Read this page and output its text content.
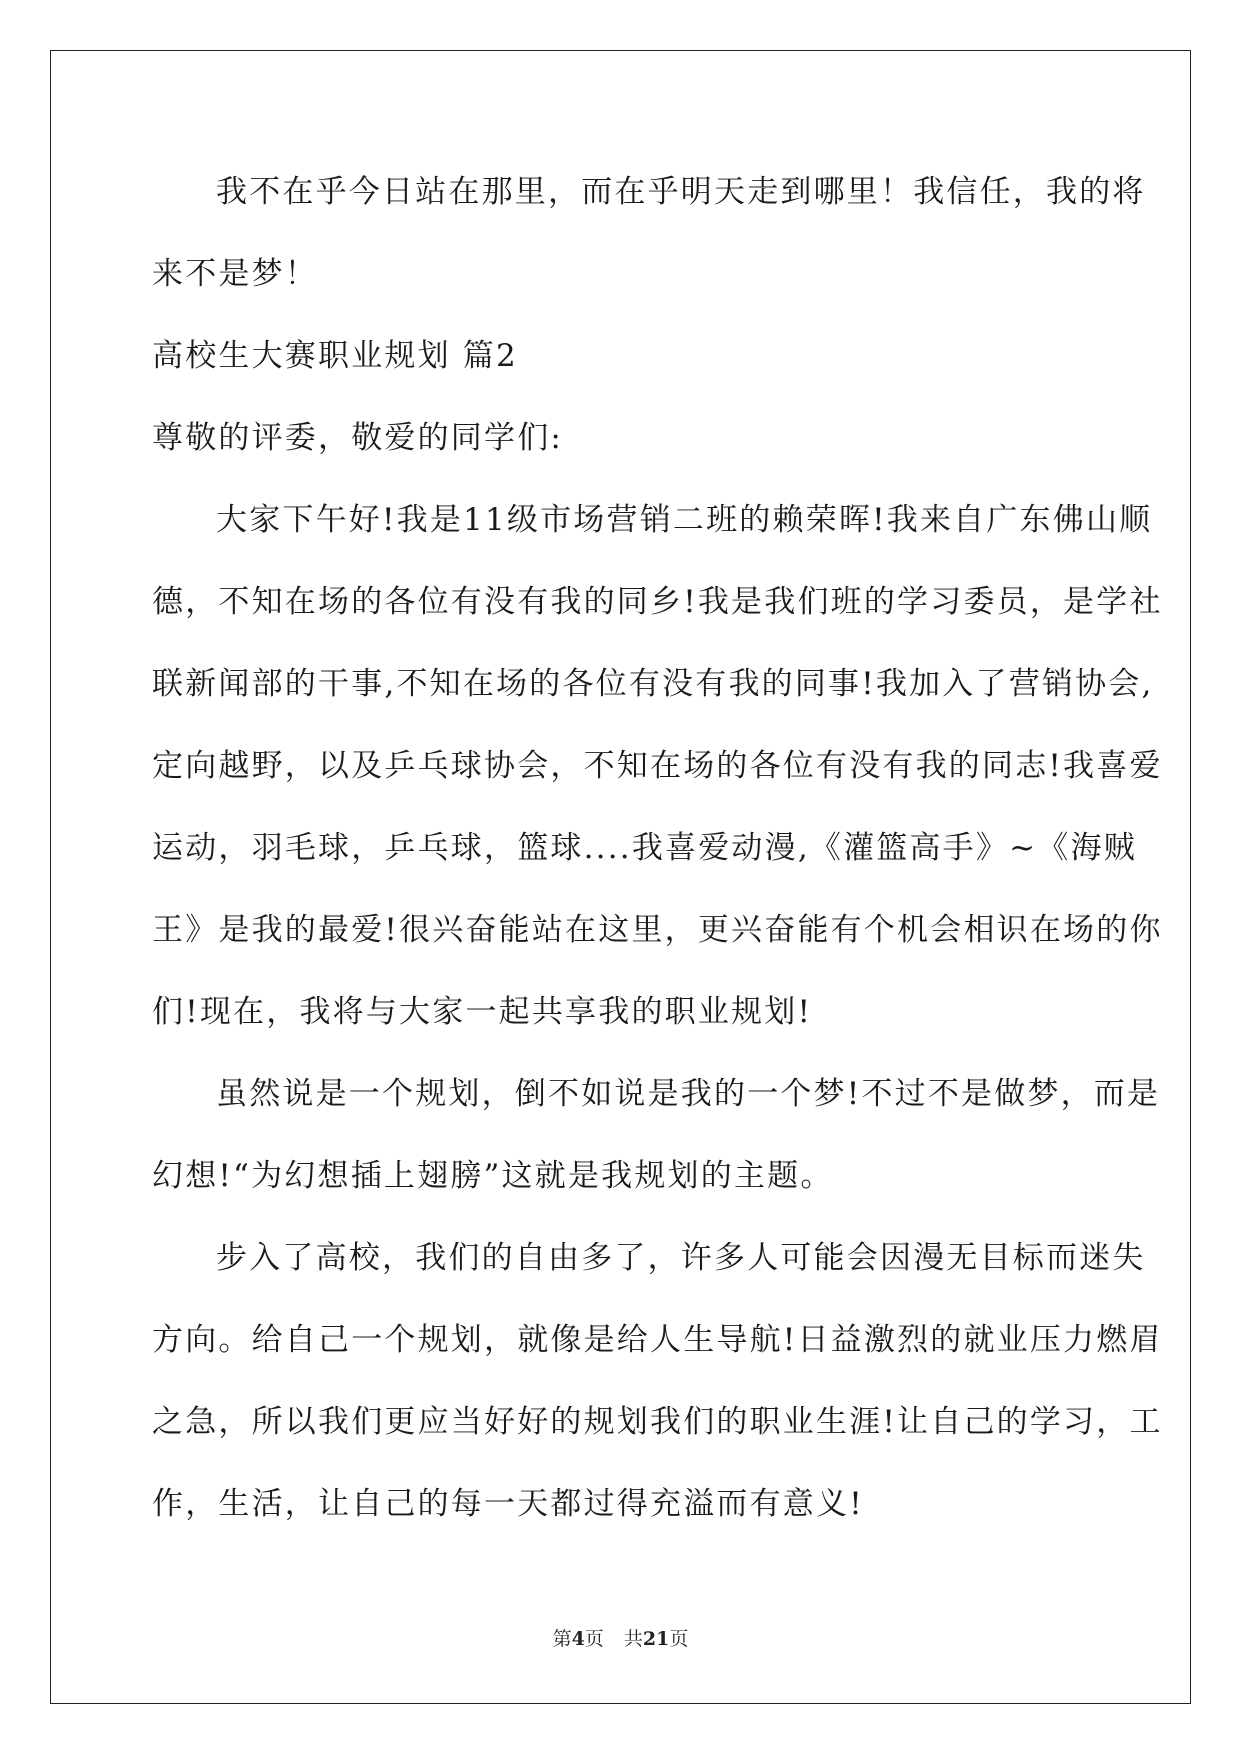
我不在乎今日站在那里，而在乎明天走到哪里！我信任，我的将
来不是梦！
高校生大赛职业规划 篇2
尊敬的评委，敬爱的同学们:
大家下午好!我是11级市场营销二班的赖荣晖!我来自广东佛山顺
德，不知在场的各位有没有我的同乡!我是我们班的学习委员，是学社
联新闻部的干事,不知在场的各位有没有我的同事!我加入了营销协会,
定向越野，以及乒乓球协会，不知在场的各位有没有我的同志!我喜爱
运动，羽毛球，乒乓球，篮球....我喜爱动漫,《灌篮高手》~《海贼
王》是我的最爱!很兴奋能站在这里，更兴奋能有个机会相识在场的你
们!现在，我将与大家一起共享我的职业规划!
虽然说是一个规划，倒不如说是我的一个梦!不过不是做梦，而是
幻想!“为幻想插上翅膀”这就是我规划的主题。
步入了高校，我们的自由多了，许多人可能会因漫无目标而迷失
方向。给自己一个规划，就像是给人生导航!日益激烈的就业压力燃眉
之急，所以我们更应当好好的规划我们的职业生涯!让自己的学习，工
作，生活，让自己的每一天都过得充溢而有意义!
第4页 共21页
